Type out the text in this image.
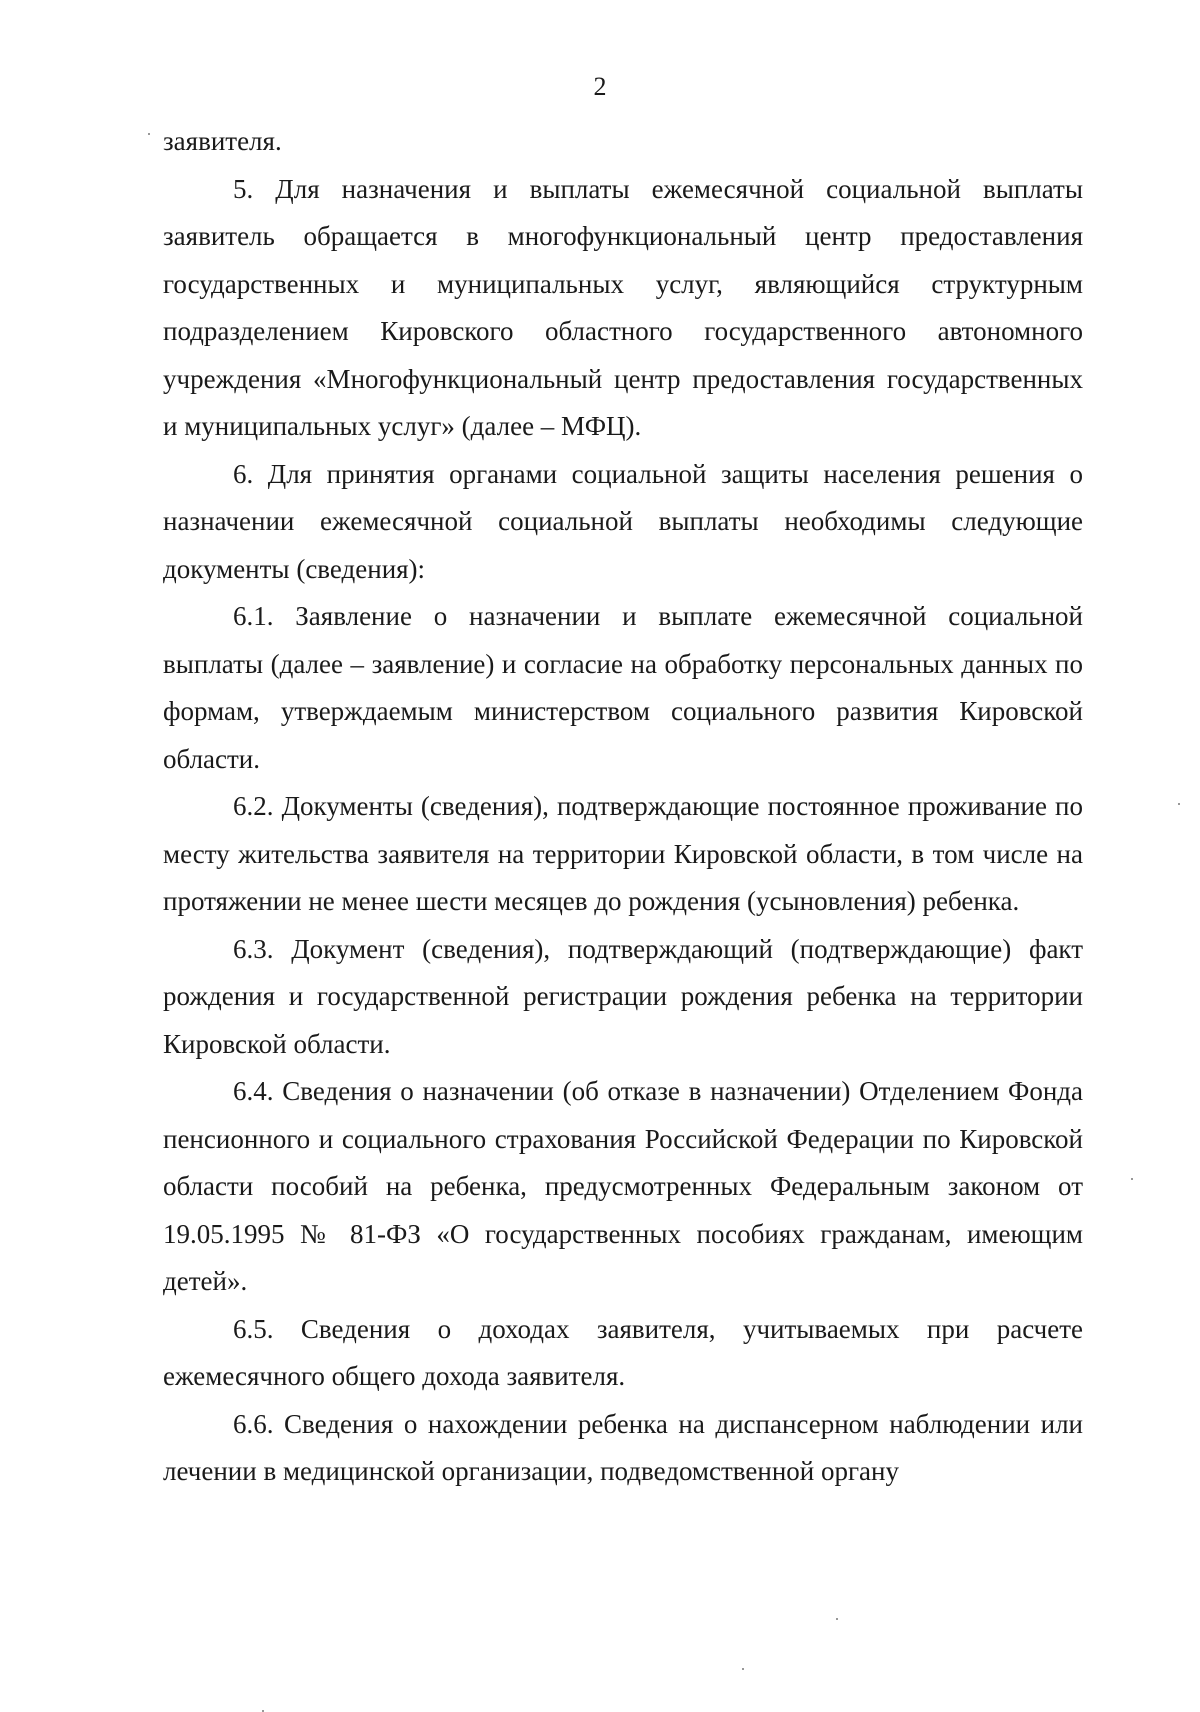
2

заявителя.

5. Для назначения и выплаты ежемесячной социальной выплаты заявитель обращается в многофункциональный центр предоставления государственных и муниципальных услуг, являющийся структурным подразделением Кировского областного государственного автономного учреждения «Многофункциональный центр предоставления государственных и муниципальных услуг» (далее – МФЦ).

6. Для принятия органами социальной защиты населения решения о назначении ежемесячной социальной выплаты необходимы следующие документы (сведения):

6.1. Заявление о назначении и выплате ежемесячной социальной выплаты (далее – заявление) и согласие на обработку персональных данных по формам, утверждаемым министерством социального развития Кировской области.

6.2. Документы (сведения), подтверждающие постоянное проживание по месту жительства заявителя на территории Кировской области, в том числе на протяжении не менее шести месяцев до рождения (усыновления) ребенка.

6.3. Документ (сведения), подтверждающий (подтверждающие) факт рождения и государственной регистрации рождения ребенка на территории Кировской области.

6.4. Сведения о назначении (об отказе в назначении) Отделением Фонда пенсионного и социального страхования Российской Федерации по Кировской области пособий на ребенка, предусмотренных Федеральным законом от 19.05.1995 № 81-ФЗ «О государственных пособиях гражданам, имеющим детей».

6.5. Сведения о доходах заявителя, учитываемых при расчете ежемесячного общего дохода заявителя.

6.6. Сведения о нахождении ребенка на диспансерном наблюдении или лечении в медицинской организации, подведомственной органу
